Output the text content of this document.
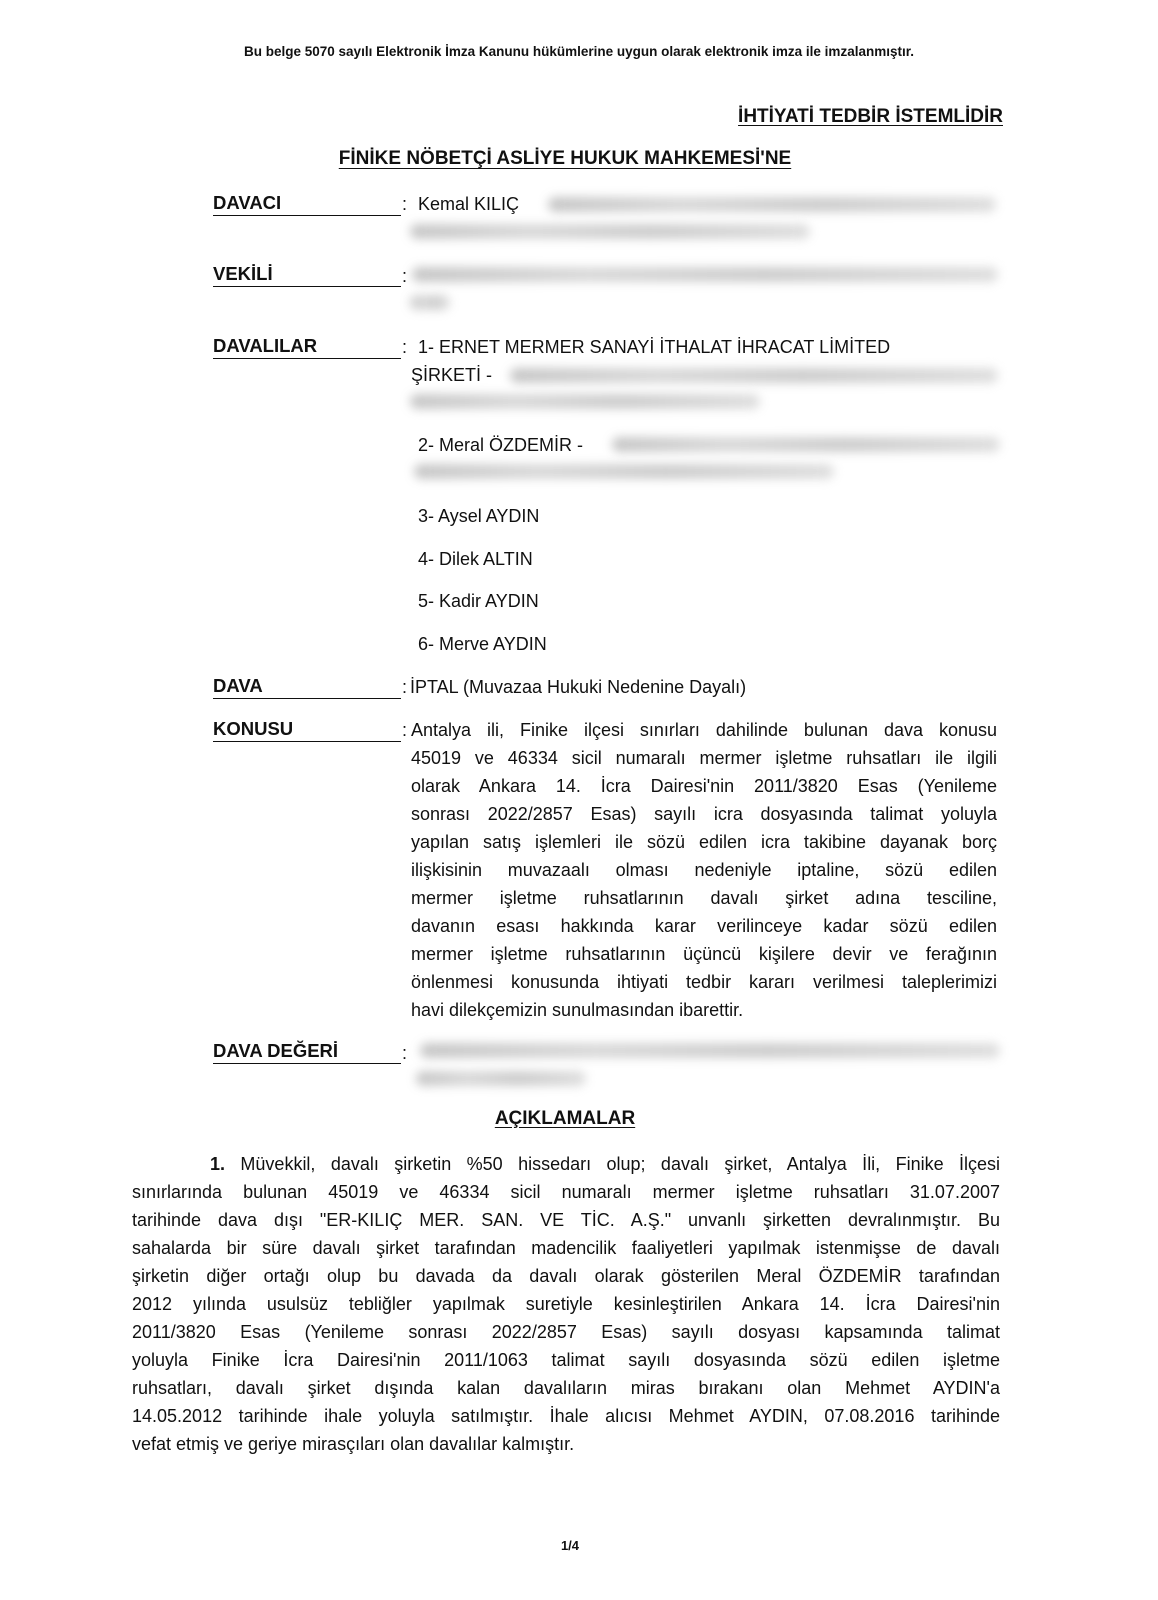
Bu belge 5070 sayılı Elektronik İmza Kanunu hükümlerine uygun olarak elektronik imza ile imzalanmıştır.
İHTİYATİ TEDBİR İSTEMLİDİR
FİNİKE NÖBETÇİ ASLİYE HUKUK MAHKEMESİ'NE
DAVACI	: Kemal KILIÇ
VEKİLİ	:
DAVALILAR	: 1- ERNET MERMER SANAYİ İTHALAT İHRACAT LİMİTED
ŞİRKETİ -
2- Meral ÖZDEMİR -
3- Aysel AYDIN
4- Dilek ALTIN
5- Kadir AYDIN
6- Merve AYDIN
DAVA	: İPTAL (Muvazaa Hukuki Nedenine Dayalı)
KONUSU	: Antalya ili, Finike ilçesi sınırları dahilinde bulunan dava konusu
45019 ve 46334 sicil numaralı mermer işletme ruhsatları ile ilgili
olarak Ankara 14. İcra Dairesi'nin 2011/3820 Esas (Yenileme
sonrası 2022/2857 Esas) sayılı icra dosyasında talimat yoluyla
yapılan satış işlemleri ile sözü edilen icra takibine dayanak borç
ilişkisinin muvazaalı olması nedeniyle iptaline, sözü edilen
mermer işletme ruhsatlarının davalı şirket adına tesciline,
davanın esası hakkında karar verilinceye kadar sözü edilen
mermer işletme ruhsatlarının üçüncü kişilere devir ve ferağının
önlenmesi konusunda ihtiyati tedbir kararı verilmesi taleplerimizi
havi dilekçemizin sunulmasından ibarettir.
DAVA DEĞERİ	:
AÇIKLAMALAR
1. Müvekkil, davalı şirketin %50 hissedarı olup; davalı şirket, Antalya İli, Finike İlçesi
sınırlarında bulunan 45019 ve 46334 sicil numaralı mermer işletme ruhsatları 31.07.2007
tarihinde dava dışı "ER-KILIÇ MER. SAN. VE TİC. A.Ş." unvanlı şirketten devralınmıştır. Bu
sahalarda bir süre davalı şirket tarafından madencilik faaliyetleri yapılmak istenmişse de davalı
şirketin diğer ortağı olup bu davada da davalı olarak gösterilen Meral ÖZDEMİR tarafından
2012 yılında usulsüz tebliğler yapılmak suretiyle kesinleştirilen Ankara 14. İcra Dairesi'nin
2011/3820 Esas (Yenileme sonrası 2022/2857 Esas) sayılı dosyası kapsamında talimat
yoluyla Finike İcra Dairesi'nin 2011/1063 talimat sayılı dosyasında sözü edilen işletme
ruhsatları, davalı şirket dışında kalan davalıların miras bırakanı olan Mehmet AYDIN'a
14.05.2012 tarihinde ihale yoluyla satılmıştır. İhale alıcısı Mehmet AYDIN, 07.08.2016 tarihinde
vefat etmiş ve geriye mirasçıları olan davalılar kalmıştır.
1/4
